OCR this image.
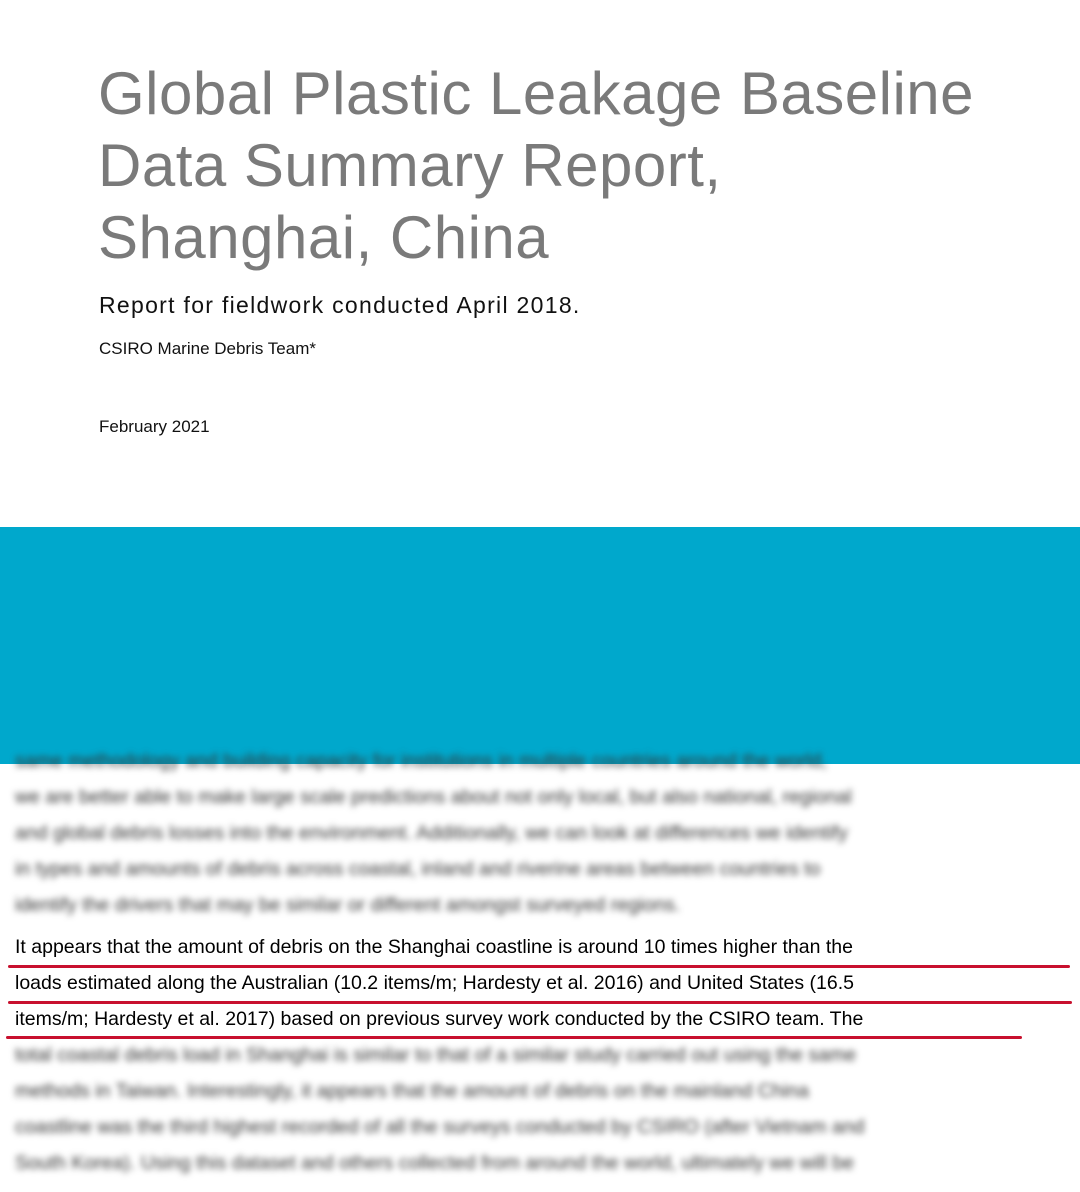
Global Plastic Leakage Baseline
Data Summary Report,
Shanghai, China
Report for fieldwork conducted April 2018.
CSIRO Marine Debris Team*
February 2021
same methodology and building capacity for institutions in multiple countries around the world,
we are better able to make large scale predictions about not only local, but also national, regional
and global debris losses into the environment. Additionally, we can look at differences we identify
in types and amounts of debris across coastal, inland and riverine areas between countries to
identify the drivers that may be similar or different amongst surveyed regions.
It appears that the amount of debris on the Shanghai coastline is around 10 times higher than the
loads estimated along the Australian (10.2 items/m; Hardesty et al. 2016) and United States (16.5
items/m; Hardesty et al. 2017) based on previous survey work conducted by the CSIRO team. The
total coastal debris load in Shanghai is similar to that of a similar study carried out using the same
methods in Taiwan. Interestingly, it appears that the amount of debris on the mainland China
coastline was the third highest recorded of all the surveys conducted by CSIRO (after Vietnam and
South Korea). Using this dataset and others collected from around the world, ultimately we will be
